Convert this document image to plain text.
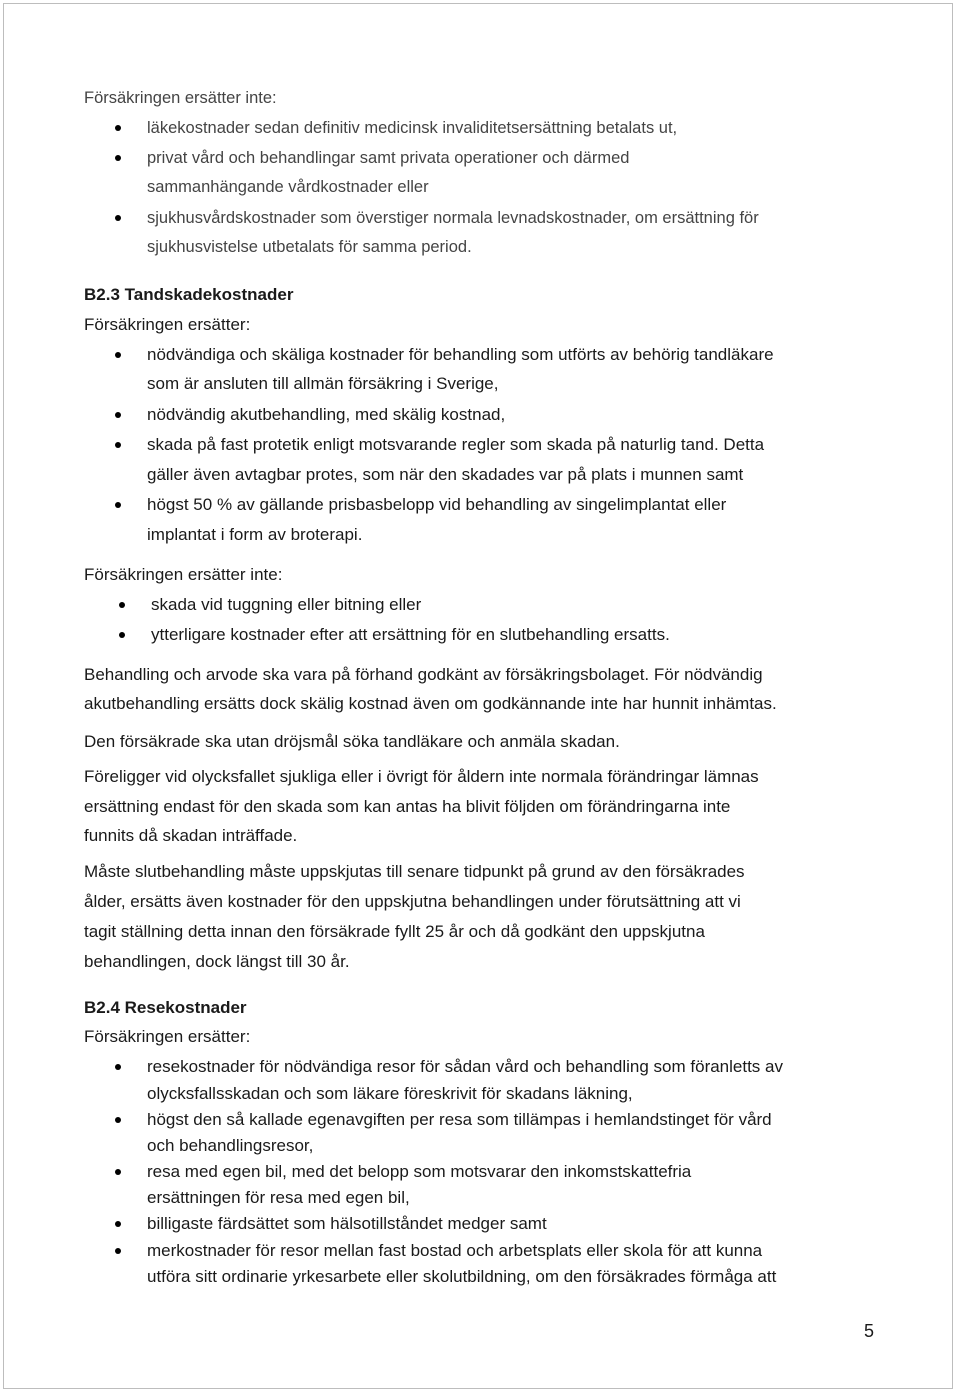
Försäkringen ersätter inte:
läkekostnader sedan definitiv medicinsk invaliditetsersättning betalats ut,
privat vård och behandlingar samt privata operationer och därmed
sammanhängande vårdkostnader eller
sjukhusvårdskostnader som överstiger normala levnadskostnader, om ersättning för
sjukhusvistelse utbetalats för samma period.
B2.3 Tandskadekostnader
Försäkringen ersätter:
nödvändiga och skäliga kostnader för behandling som utförts av behörig tandläkare
som är ansluten till allmän försäkring i Sverige,
nödvändig akutbehandling, med skälig kostnad,
skada på fast protetik enligt motsvarande regler som skada på naturlig tand. Detta
gäller även avtagbar protes, som när den skadades var på plats i munnen samt
högst 50 % av gällande prisbasbelopp vid behandling av singelimplantat eller
implantat i form av broterapi.
Försäkringen ersätter inte:
skada vid tuggning eller bitning eller
ytterligare kostnader efter att ersättning för en slutbehandling ersatts.
Behandling och arvode ska vara på förhand godkänt av försäkringsbolaget. För nödvändig
akutbehandling ersätts dock skälig kostnad även om godkännande inte har hunnit inhämtas.
Den försäkrade ska utan dröjsmål söka tandläkare och anmäla skadan.
Föreligger vid olycksfallet sjukliga eller i övrigt för åldern inte normala förändringar lämnas
ersättning endast för den skada som kan antas ha blivit följden om förändringarna inte
funnits då skadan inträffade.
Måste slutbehandling måste uppskjutas till senare tidpunkt på grund av den försäkrades
ålder, ersätts även kostnader för den uppskjutna behandlingen under förutsättning att vi
tagit ställning detta innan den försäkrade fyllt 25 år och då godkänt den uppskjutna
behandlingen, dock längst till 30 år.
B2.4 Resekostnader
Försäkringen ersätter:
resekostnader för nödvändiga resor för sådan vård och behandling som föranletts av
olycksfallsskadan och som läkare föreskrivit för skadans läkning,
högst den så kallade egenavgiften per resa som tillämpas i hemlandstinget för vård
och behandlingsresor,
resa med egen bil, med det belopp som motsvarar den inkomstskattefria
ersättningen för resa med egen bil,
billigaste färdsättet som hälsotillståndet medger samt
merkostnader för resor mellan fast bostad och arbetsplats eller skola för att kunna
utföra sitt ordinarie yrkesarbete eller skolutbildning, om den försäkrades förmåga att
5
